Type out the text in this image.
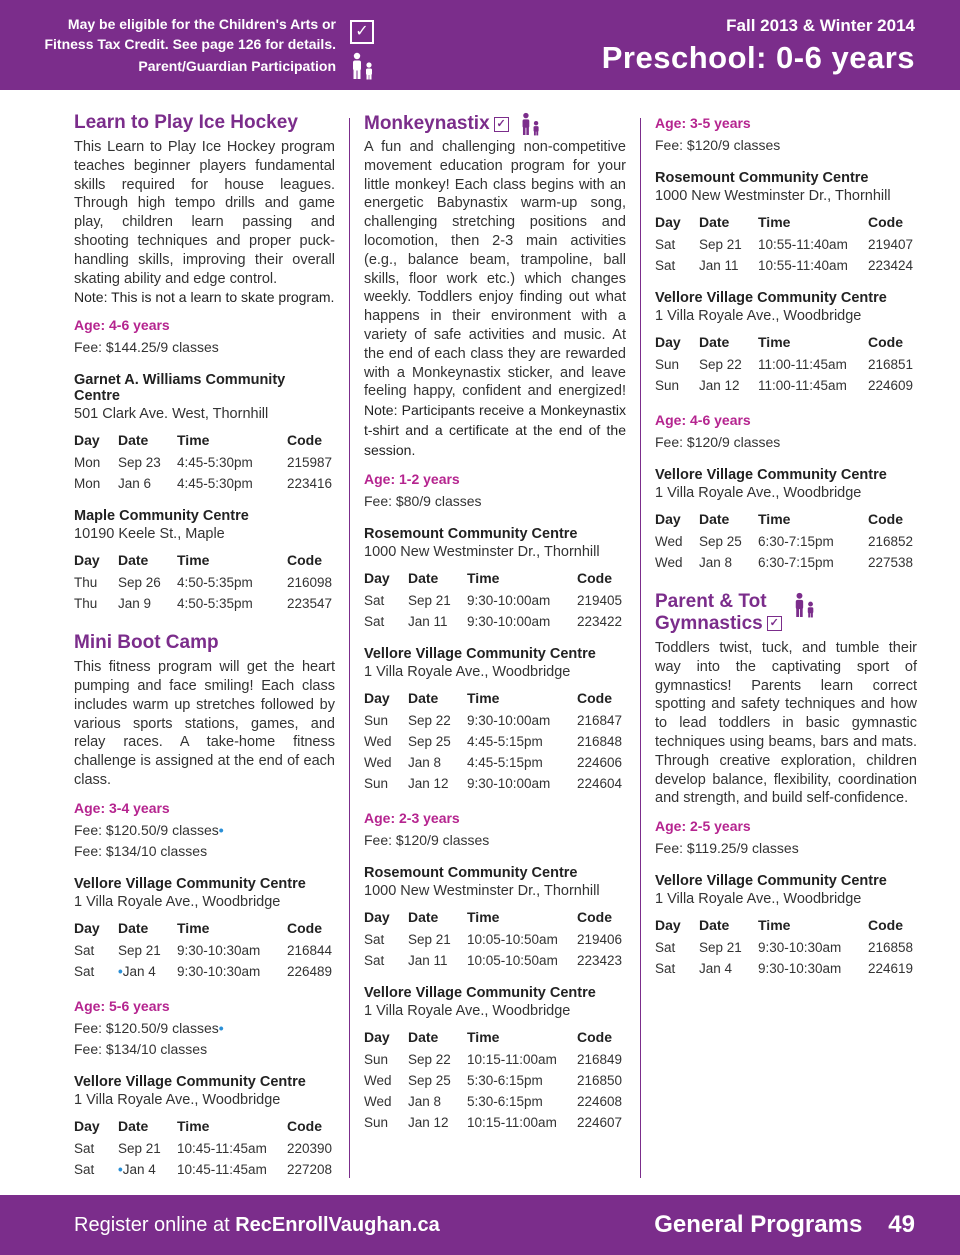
May be eligible for the Children's Arts or
Fitness Tax Credit. See page 126 for details.
✓
Parent/Guardian Participation
Fall 2013 & Winter 2014
Preschool: 0-6 years
Learn to Play Ice Hockey

This Learn to Play Ice Hockey program teaches beginner players fundamental skills required for house leagues. Through high tempo drills and game play, children learn passing and shooting techniques and proper puck-handling skills, improving their overall skating ability and edge control.

Note: This is not a learn to skate program.

Age: 4-6 years
Fee: $144.25/9 classes
Garnet A. Williams Community Centre
501 Clark Ave. West, Thornhill
Day	Date	Time	Code
Mon	Sep 23	4:45-5:30pm	215987
Mon	Jan 6	4:45-5:30pm	223416
Maple Community Centre
10190 Keele St., Maple
Day	Date	Time	Code
Thu	Sep 26	4:50-5:35pm	216098
Thu	Jan 9	4:50-5:35pm	223547
Mini Boot Camp

This fitness program will get the heart pumping and face smiling! Each class includes warm up stretches followed by various sports stations, games, and relay races. A take-home fitness challenge is assigned at the end of each class.

Age: 3-4 years
Fee: $120.50/9 classes•
Fee: $134/10 classes
Vellore Village Community Centre
1 Villa Royale Ave., Woodbridge
Day	Date	Time	Code
Sat	Sep 21	9:30-10:30am	216844
Sat	•Jan 4	9:30-10:30am	226489
Age: 5-6 years
Fee: $120.50/9 classes•
Fee: $134/10 classes
Vellore Village Community Centre
1 Villa Royale Ave., Woodbridge
Day	Date	Time	Code
Sat	Sep 21	10:45-11:45am	220390
Sat	•Jan 4	10:45-11:45am	227208
Monkeynastix ✓

A fun and challenging non-competitive movement education program for your little monkey! Each class begins with an energetic Babynastix warm-up song, challenging stretching positions and locomotion, then 2-3 main activities (e.g., balance beam, trampoline, ball skills, floor work etc.) which changes weekly. Toddlers enjoy finding out what happens in their environment with a variety of safe activities and music. At the end of each class they are rewarded with a Monkeynastix sticker, and leave feeling happy, confident and energized! Note: Participants receive a Monkeynastix t-shirt and a certificate at the end of the session.

Age: 1-2 years
Fee: $80/9 classes
Rosemount Community Centre
1000 New Westminster Dr., Thornhill
Day	Date	Time	Code
Sat	Sep 21	9:30-10:00am	219405
Sat	Jan 11	9:30-10:00am	223422
Vellore Village Community Centre
1 Villa Royale Ave., Woodbridge
Day	Date	Time	Code
Sun	Sep 22	9:30-10:00am	216847
Wed	Sep 25	4:45-5:15pm	216848
Wed	Jan 8	4:45-5:15pm	224606
Sun	Jan 12	9:30-10:00am	224604
Age: 2-3 years
Fee: $120/9 classes
Rosemount Community Centre
1000 New Westminster Dr., Thornhill
Day	Date	Time	Code
Sat	Sep 21	10:05-10:50am	219406
Sat	Jan 11	10:05-10:50am	223423
Vellore Village Community Centre
1 Villa Royale Ave., Woodbridge
Day	Date	Time	Code
Sun	Sep 22	10:15-11:00am	216849
Wed	Sep 25	5:30-6:15pm	216850
Wed	Jan 8	5:30-6:15pm	224608
Sun	Jan 12	10:15-11:00am	224607
Age: 3-5 years
Fee: $120/9 classes
Rosemount Community Centre
1000 New Westminster Dr., Thornhill
Day	Date	Time	Code
Sat	Sep 21	10:55-11:40am	219407
Sat	Jan 11	10:55-11:40am	223424
Vellore Village Community Centre
1 Villa Royale Ave., Woodbridge
Day	Date	Time	Code
Sun	Sep 22	11:00-11:45am	216851
Sun	Jan 12	11:00-11:45am	224609
Age: 4-6 years
Fee: $120/9 classes
Vellore Village Community Centre
1 Villa Royale Ave., Woodbridge
Day	Date	Time	Code
Wed	Sep 25	6:30-7:15pm	216852
Wed	Jan 8	6:30-7:15pm	227538
Parent & Tot
Gymnastics ✓

Toddlers twist, tuck, and tumble their way into the captivating sport of gymnastics! Parents learn correct spotting and safety techniques and how to lead toddlers in basic gymnastic techniques using beams, bars and mats. Through creative exploration, children develop balance, flexibility, coordination and strength, and build self-confidence.

Age: 2-5 years
Fee: $119.25/9 classes
Vellore Village Community Centre
1 Villa Royale Ave., Woodbridge
Day	Date	Time	Code
Sat	Sep 21	9:30-10:30am	216858
Sat	Jan 4	9:30-10:30am	224619
Register online at RecEnrollVaughan.ca	General Programs 49
